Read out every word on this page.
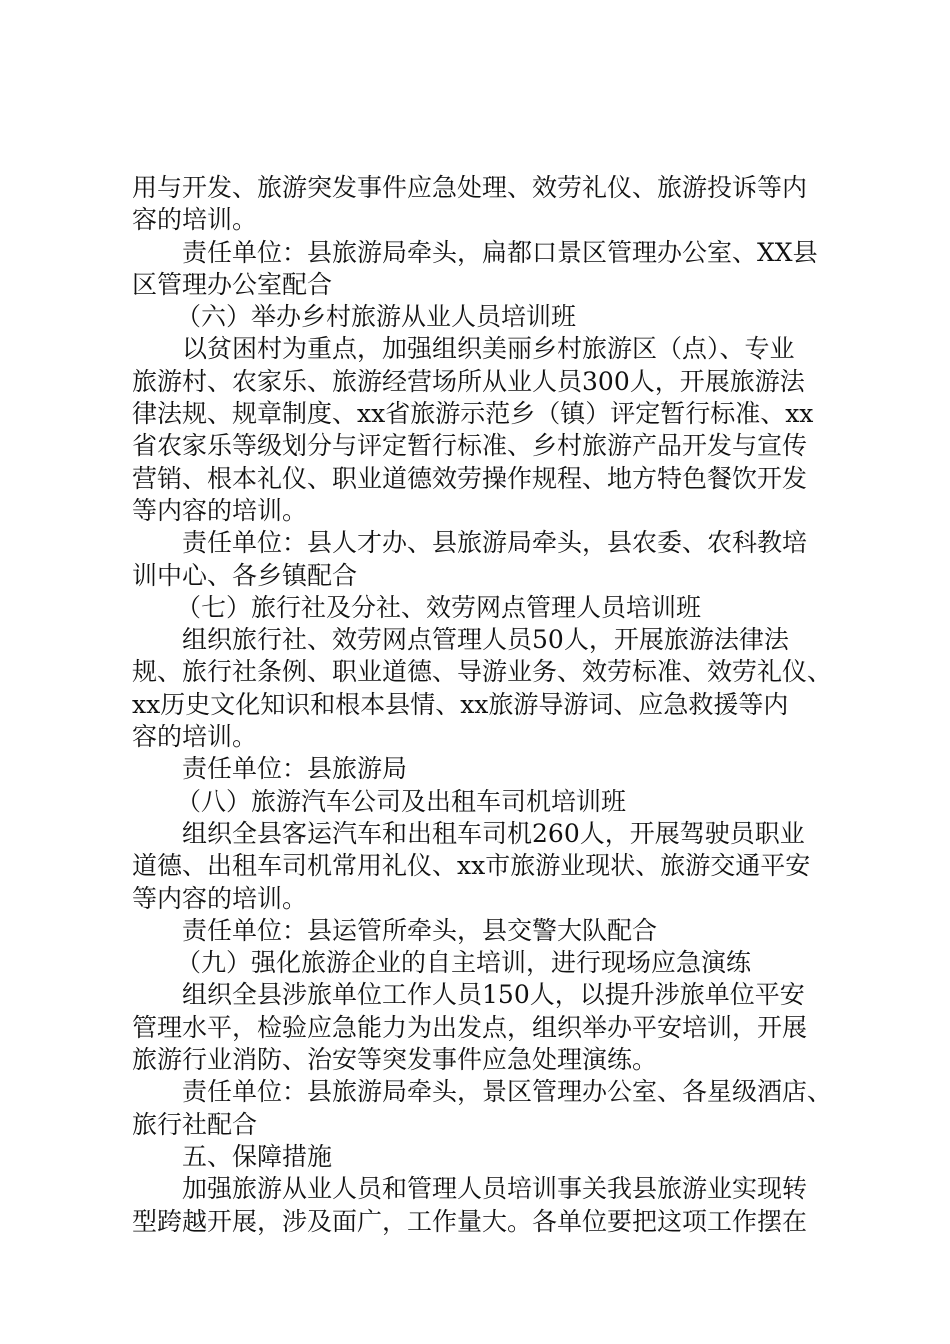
用与开发、旅游突发事件应急处理、效劳礼仪、旅游投诉等内
容的培训。
责任单位：县旅游局牵头，扁都口景区管理办公室、XX县
区管理办公室配合
（六）举办乡村旅游从业人员培训班
以贫困村为重点，加强组织美丽乡村旅游区（点）、专业
旅游村、农家乐、旅游经营场所从业人员300人，开展旅游法
律法规、规章制度、xx省旅游示范乡（镇）评定暂行标准、xx
省农家乐等级划分与评定暂行标准、乡村旅游产品开发与宣传
营销、根本礼仪、职业道德效劳操作规程、地方特色餐饮开发
等内容的培训。
责任单位：县人才办、县旅游局牵头，县农委、农科教培
训中心、各乡镇配合
（七）旅行社及分社、效劳网点管理人员培训班
组织旅行社、效劳网点管理人员50人，开展旅游法律法
规、旅行社条例、职业道德、导游业务、效劳标准、效劳礼仪、
xx历史文化知识和根本县情、xx旅游导游词、应急救援等内
容的培训。
责任单位：县旅游局
（八）旅游汽车公司及出租车司机培训班
组织全县客运汽车和出租车司机260人，开展驾驶员职业
道德、出租车司机常用礼仪、xx市旅游业现状、旅游交通平安
等内容的培训。
责任单位：县运管所牵头，县交警大队配合
（九）强化旅游企业的自主培训，进行现场应急演练
组织全县涉旅单位工作人员150人，以提升涉旅单位平安
管理水平，检验应急能力为出发点，组织举办平安培训，开展
旅游行业消防、治安等突发事件应急处理演练。
责任单位：县旅游局牵头，景区管理办公室、各星级酒店、
旅行社配合
五、保障措施
加强旅游从业人员和管理人员培训事关我县旅游业实现转
型跨越开展，涉及面广，工作量大。各单位要把这项工作摆在
